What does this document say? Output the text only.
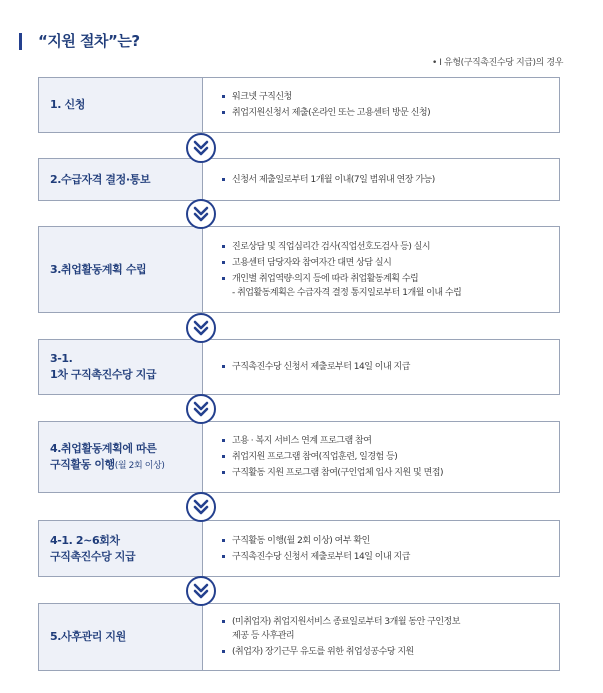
“지원 절차”는?
• Ⅰ 유형(구직촉진수당 지급)의 경우
1. 신청
워크넷 구직신청
취업지원신청서 제출(온라인 또는 고용센터 방문 신청)
2.수급자격 결정·통보	신청서 제출일로부터 1개월 이내(7일 범위내 연장 가능)
3.취업활동계획 수립
진로상담 및 직업심리간 검사(직업선호도검사 등) 실시
고용센터 담당자와 참여자간 대면 상담 실시
개인별 취업역량·의지 등에 따라 취업활동계획 수립
- 취업활동계획은 수급자격 결정 통지일로부터 1개월 이내 수립
3-1.
1차 구직촉진수당 지급
구직촉진수당 신청서 제출로부터 14일 이내 지급
4.취업활동계획에 따른
구직활동 이행(월 2회 이상)
고용 · 복지 서비스 연계 프로그램 참여
취업지원 프로그램 참여(직업훈련, 일경험 등)
구직활동 지원 프로그램 참여(구인업체 입사 지원 및 면접)
4-1. 2~6회차
구직촉진수당 지급
구직활동 이행(월 2회 이상) 여부 확인
구직촉진수당 신청서 제출로부터 14일 이내 지급
5.사후관리 지원
(미취업자) 취업지원서비스 종료일로부터 3개월 동안 구인정보 제공 등 사후관리
(취업자) 장기근무 유도를 위한 취업성공수당 지원
